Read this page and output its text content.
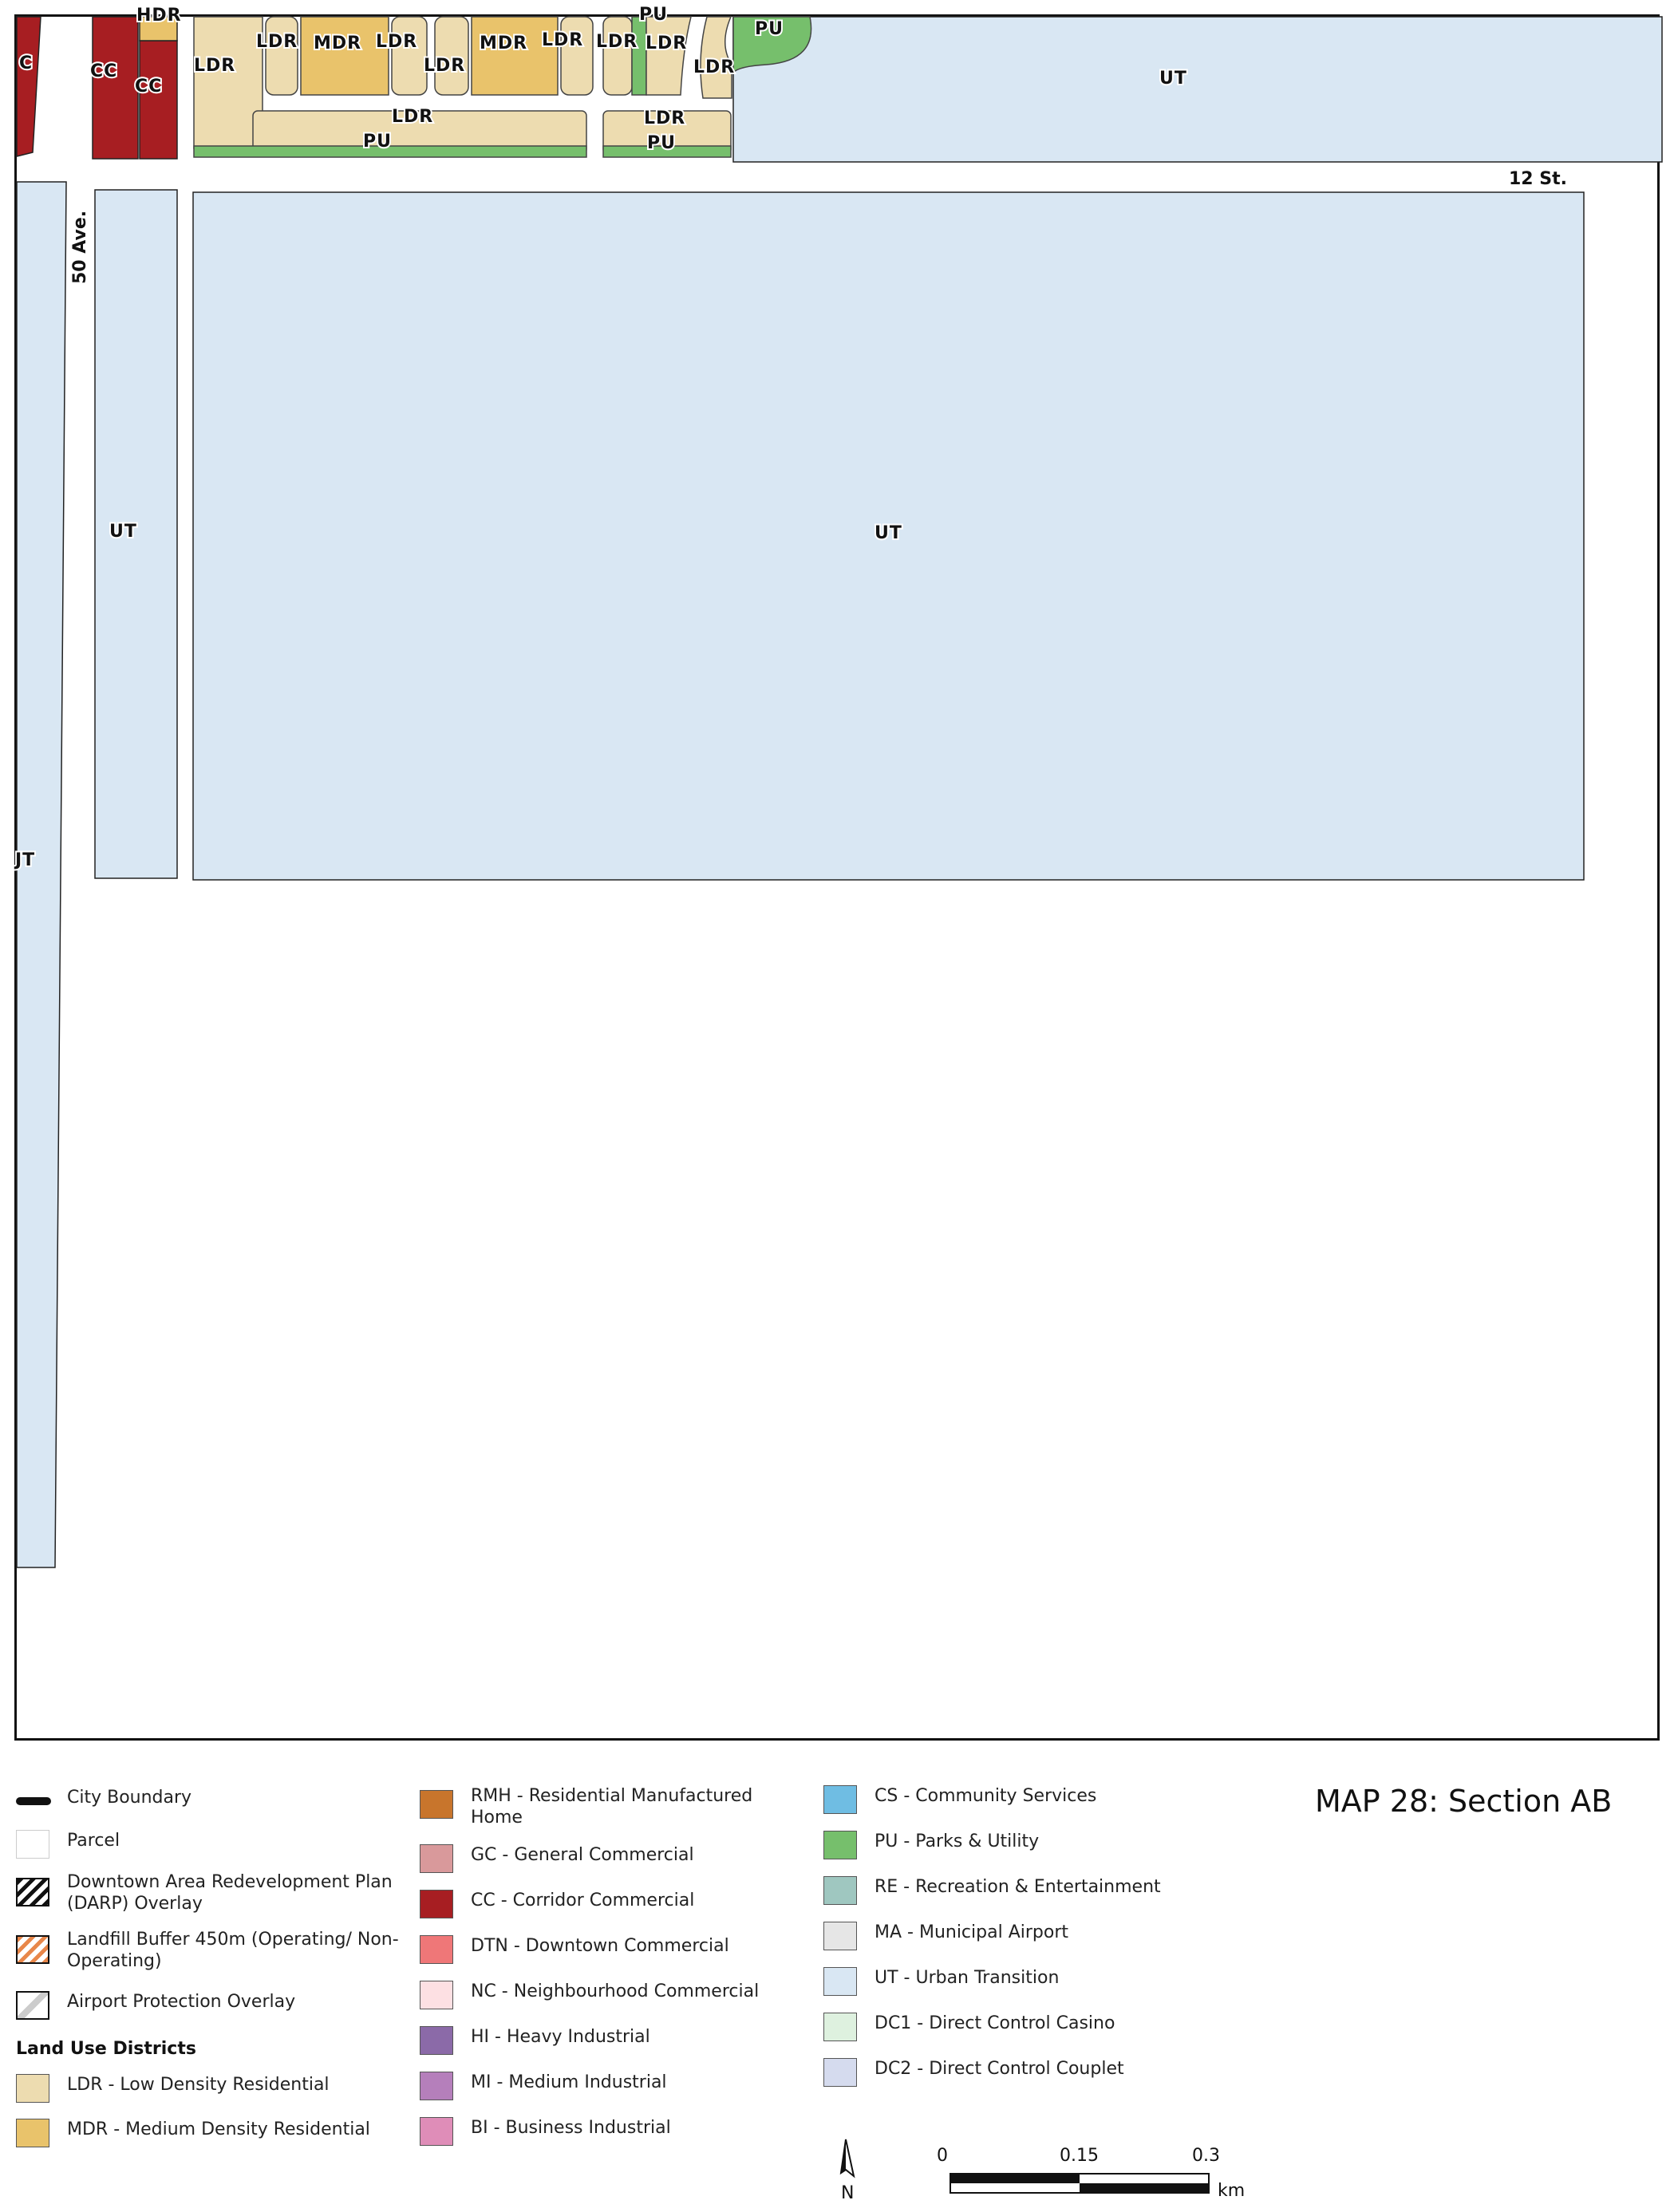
C
HDR
CC
CC
LDR
LDR MDR LDR
LDR
MDR LDR LDR LDR
LDR
PU
PU
LDR	LDR
PU	PU
UT
UT	UT
JT
12 St.
50 Ave.
City Boundary
Parcel
Downtown Area Redevelopment Plan (DARP) Overlay
Landfill Buffer 450m (Operating/ Non-Operating)
Airport Protection Overlay
Land Use Districts
LDR - Low Density Residential
MDR - Medium Density Residential
RMH - Residential Manufactured Home
GC - General Commercial
CC - Corridor Commercial
DTN - Downtown Commercial
NC - Neighbourhood Commercial
HI - Heavy Industrial
MI - Medium Industrial
BI - Business Industrial
CS - Community Services
PU - Parks & Utility
RE - Recreation & Entertainment
MA - Municipal Airport
UT - Urban Transition
DC1 - Direct Control Casino
DC2 - Direct Control Couplet
MAP 28: Section AB
N
0	0.15	0.3
km
